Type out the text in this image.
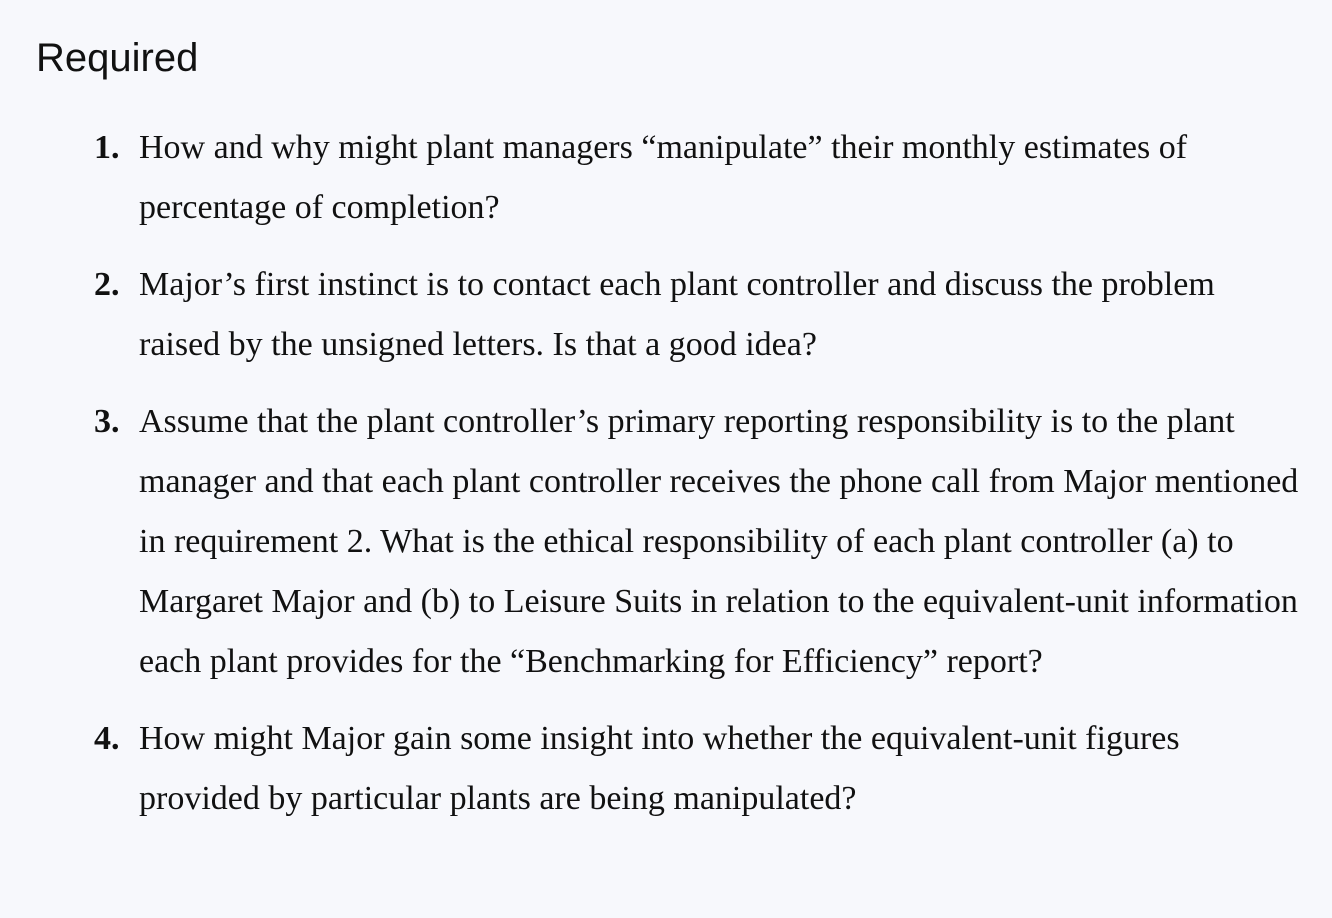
Required
1. How and why might plant managers “manipulate” their monthly estimates of percentage of completion?
2. Major’s first instinct is to contact each plant controller and discuss the problem raised by the unsigned letters. Is that a good idea?
3. Assume that the plant controller’s primary reporting responsibility is to the plant manager and that each plant controller receives the phone call from Major mentioned in requirement 2. What is the ethical responsibility of each plant controller (a) to Margaret Major and (b) to Leisure Suits in relation to the equivalent-unit information each plant provides for the “Benchmarking for Efficiency” report?
4. How might Major gain some insight into whether the equivalent-unit figures provided by particular plants are being manipulated?
